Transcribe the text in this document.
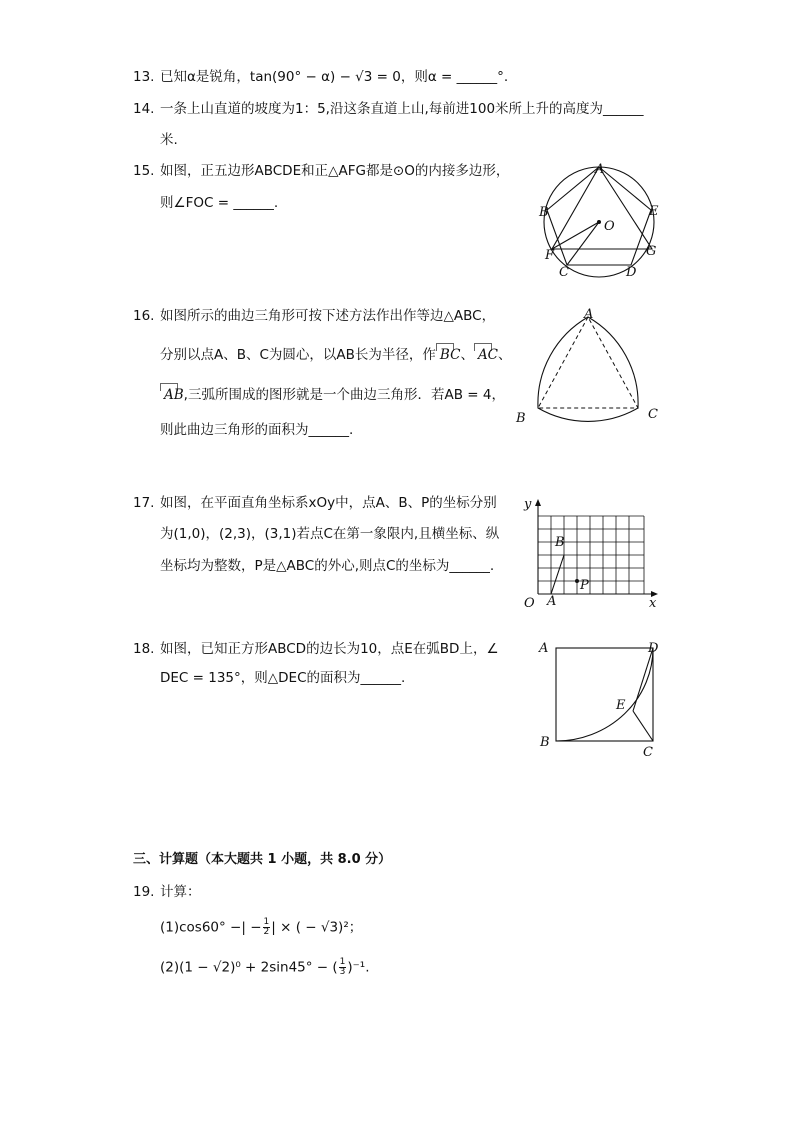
13. 已知α是锐角，tan(90° − α) − √3 = 0，则α = ______°.
14. 一条上山直道的坡度为1：5,沿这条直道上山,每前进100米所上升的高度为______
米.
15. 如图，正五边形ABCDE和正△AFG都是⊙O的内接多边形，
则∠FOC = ______.
A
E
B
O
G
F
C	D
16. 如图所示的曲边三角形可按下述方法作出作等边△ABC，
分别以点A、B、C为圆心，以AB长为半径，作 BC、 AC、
AB,三弧所围成的图形就是一个曲边三角形．若AB = 4，
则此曲边三角形的面积为______.
A
B	C
17. 如图，在平面直角坐标系xOy中，点A、B、P的坐标分别
为(1,0)，(2,3)，(3,1)若点C在第一象限内,且横坐标、纵
坐标均为整数，P是△ABC的外心,则点C的坐标为______.
y
x
O A
B
P
18. 如图，已知正方形ABCD的边长为10，点E在弧BD上，∠
DEC = 135°，则△DEC的面积为______.
A	D
E
B
C
三、计算题（本大题共 1 小题，共 8.0 分）
19. 计算：
(1)cos60° −| − $\frac{1}{2}$ | × ( − √3)²；
(2)(1 − √2)⁰ + 2sin45° − ( $\frac{1}{3} )^{-1}$.
